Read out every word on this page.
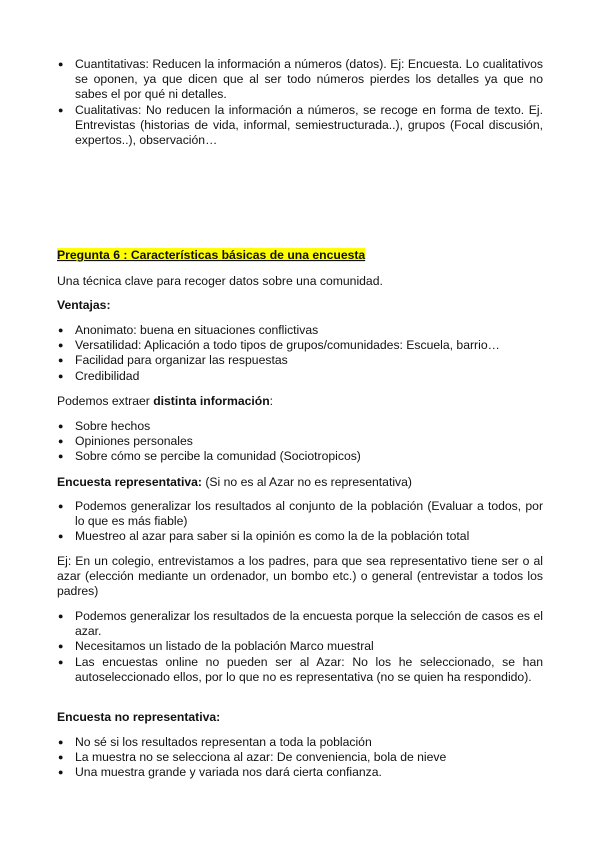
● Cuantitativas: Reducen la información a números (datos). Ej: Encuesta. Lo cualitativos se oponen, ya que dicen que al ser todo números pierdes los detalles ya que no sabes el por qué ni detalles.
● Cualitativas: No reducen la información a números, se recoge en forma de texto. Ej. Entrevistas (historias de vida, informal, semiestructurada..), grupos (Focal discusión, expertos..), observación…
Pregunta 6 : Características básicas de una encuesta

Una técnica clave para recoger datos sobre una comunidad.

Ventajas:

● Anonimato: buena en situaciones conflictivas
● Versatilidad: Aplicación a todo tipos de grupos/comunidades: Escuela, barrio…
● Facilidad para organizar las respuestas
● Credibilidad

Podemos extraer distinta información:

● Sobre hechos
● Opiniones personales
● Sobre cómo se percibe la comunidad (Sociotropicos)

Encuesta representativa: (Si no es al Azar no es representativa)

● Podemos generalizar los resultados al conjunto de la población (Evaluar a todos, por lo que es más fiable)
● Muestreo al azar para saber si la opinión es como la de la población total

Ej: En un colegio, entrevistamos a los padres, para que sea representativo tiene ser o al azar (elección mediante un ordenador, un bombo etc.) o general (entrevistar a todos los padres)

● Podemos generalizar los resultados de la encuesta porque la selección de casos es el azar.
● Necesitamos un listado de la población Marco muestral
● Las encuestas online no pueden ser al Azar: No los he seleccionado, se han autoseleccionado ellos, por lo que no es representativa (no se quien ha respondido).

Encuesta no representativa:

● No sé si los resultados representan a toda la población
● La muestra no se selecciona al azar: De conveniencia, bola de nieve
● Una muestra grande y variada nos dará cierta confianza.
